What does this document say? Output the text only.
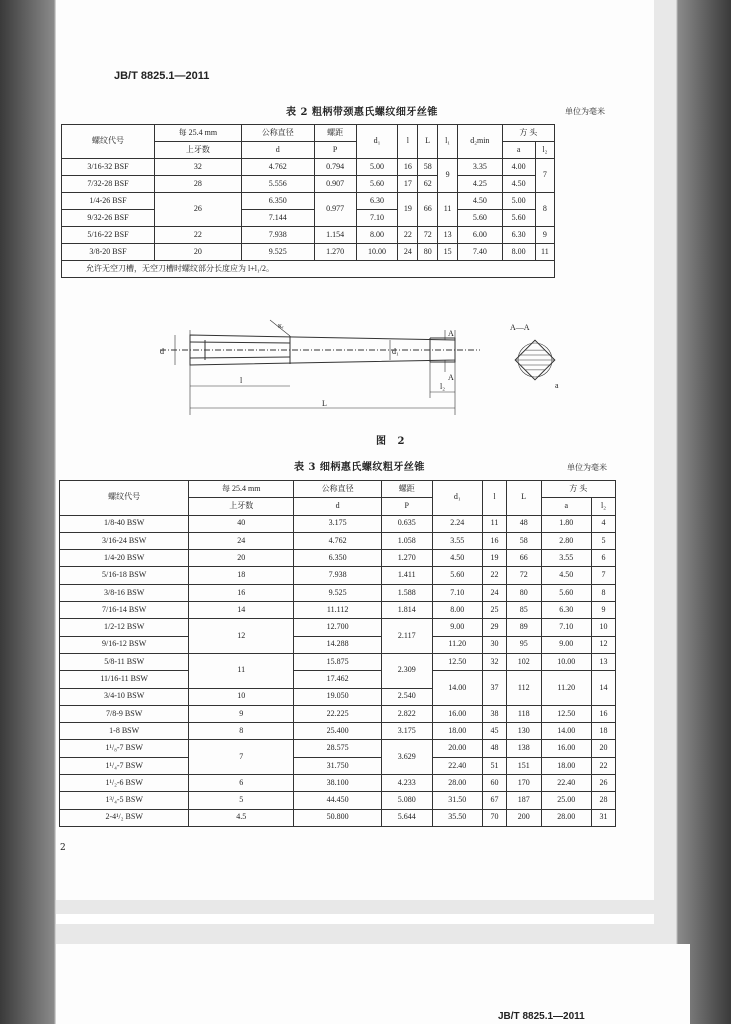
JB/T 8825.1—2011
表 2 粗柄带颈惠氏螺纹细牙丝锥	单位为毫米
螺纹代号	每 25.4 mm	公称直径	螺距	d₁	l	L	l₁	d₂min	方 头	
	上牙数	d	P						a	l₂
3/16-32 BSF	32	4.762	0.794	5.00	16	58	9	3.35	4.00	7
7/32-28 BSF	28	5.556	0.907	5.60	17	62		4.25	4.50	
1/4-26 BSF	26	6.350	0.977	6.30	19	66	11	4.50	5.00	8
9/32-26 BSF		7.144		7.10				5.60	5.60	
5/16-22 BSF	22	7.938	1.154	8.00	22	72	13	6.00	6.30	9
3/8-20 BSF	20	9.525	1.270	10.00	24	80	15	7.40	8.00	11
允许无空刀槽，无空刀槽时螺纹部分长度应为 l+l₁/2。										
d	d₁
l
L
l₂
A
A
A—A
a
κᵣ
图 2
表 3 细柄惠氏螺纹粗牙丝锥	单位为毫米
螺纹代号	每 25.4 mm	公称直径	螺距	d₁	l	L	方 头	
	上牙数	d	P				a	l₂
1/8-40 BSW	40	3.175	0.635	2.24	11	48	1.80	4
3/16-24 BSW	24	4.762	1.058	3.55	16	58	2.80	5
1/4-20 BSW	20	6.350	1.270	4.50	19	66	3.55	6
5/16-18 BSW	18	7.938	1.411	5.60	22	72	4.50	7
3/8-16 BSW	16	9.525	1.588	7.10	24	80	5.60	8
7/16-14 BSW	14	11.112	1.814	8.00	25	85	6.30	9
1/2-12 BSW	12	12.700	2.117	9.00	29	89	7.10	10
9/16-12 BSW		14.288		11.20	30	95	9.00	12
5/8-11 BSW	11	15.875	2.309	12.50	32	102	10.00	13
11/16-11 BSW		17.462		14.00	37	112	11.20	14
3/4-10 BSW	10	19.050	2.540					
7/8-9 BSW	9	22.225	2.822	16.00	38	118	12.50	16
1-8 BSW	8	25.400	3.175	18.00	45	130	14.00	18
1¹/₈-7 BSW	7	28.575	3.629	20.00	48	138	16.00	20
1¹/₄-7 BSW		31.750		22.40	51	151	18.00	22
1¹/₂-6 BSW	6	38.100	4.233	28.00	60	170	22.40	26
1³/₄-5 BSW	5	44.450	5.080	31.50	67	187	25.00	28
2-4¹/₂ BSW	4.5	50.800	5.644	35.50	70	200	28.00	31
2
JB/T 8825.1—2011
